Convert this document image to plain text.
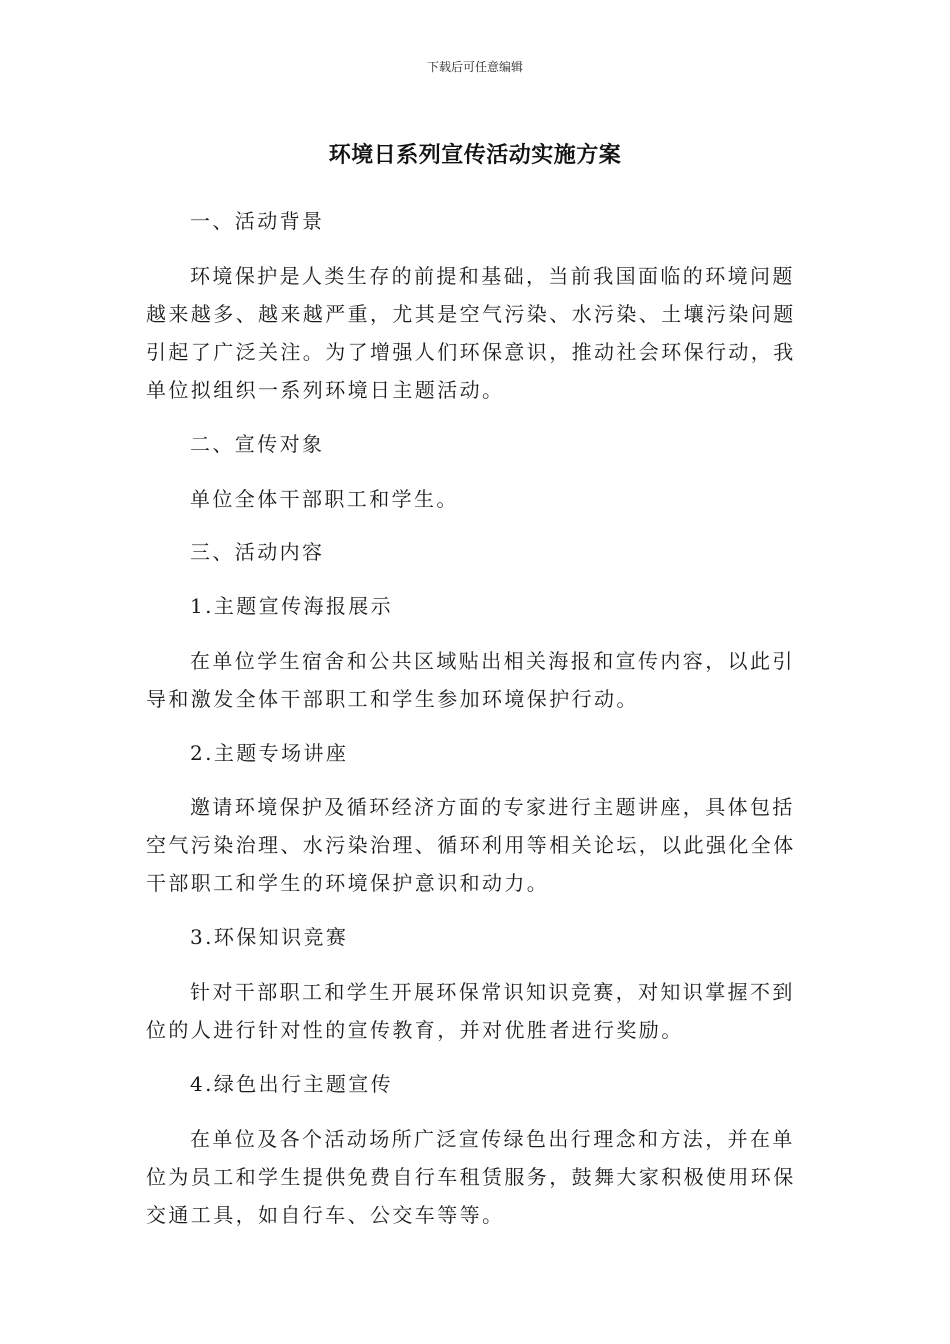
下载后可任意编辑
环境日系列宣传活动实施方案

一、活动背景

环境保护是人类生存的前提和基础，当前我国面临的环境问题越来越多、越来越严重，尤其是空气污染、水污染、土壤污染问题引起了广泛关注。为了增强人们环保意识，推动社会环保行动，我单位拟组织一系列环境日主题活动。

二、宣传对象

单位全体干部职工和学生。

三、活动内容

1.主题宣传海报展示

在单位学生宿舍和公共区域贴出相关海报和宣传内容，以此引导和激发全体干部职工和学生参加环境保护行动。

2.主题专场讲座

邀请环境保护及循环经济方面的专家进行主题讲座，具体包括空气污染治理、水污染治理、循环利用等相关论坛，以此强化全体干部职工和学生的环境保护意识和动力。

3.环保知识竞赛

针对干部职工和学生开展环保常识知识竞赛，对知识掌握不到位的人进行针对性的宣传教育，并对优胜者进行奖励。

4.绿色出行主题宣传

在单位及各个活动场所广泛宣传绿色出行理念和方法，并在单位为员工和学生提供免费自行车租赁服务，鼓舞大家积极使用环保交通工具，如自行车、公交车等等。
